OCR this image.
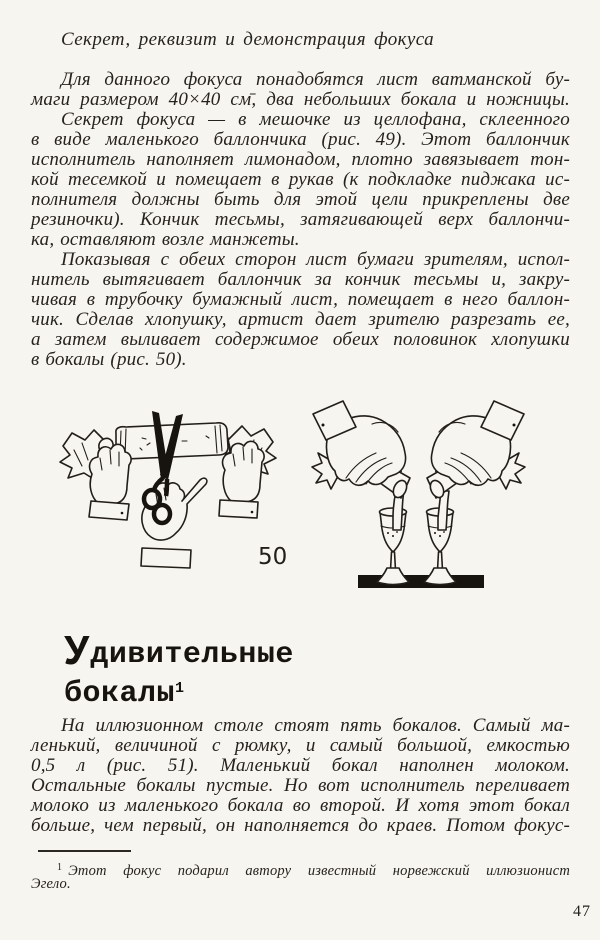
Секрет, реквизит и демонстрация фокуса
Для данного фокуса понадобятся лист ватманской бу-
маги размером 40×40 см̄, два небольших бокала и ножницы.
Секрет фокуса — в мешочке из целлофана, склеенного
в виде маленького баллончика (рис. 49). Этот баллончик
исполнитель наполняет лимонадом, плотно завязывает тон-
кой тесемкой и помещает в рукав (к подкладке пиджака ис-
полнителя должны быть для этой цели прикреплены две
резиночки). Кончик тесьмы, затягивающей верх баллончи-
ка, оставляют возле манжеты.
Показывая с обеих сторон лист бумаги зрителям, испол-
нитель вытягивает баллончик за кончик тесьмы и, закру-
чивая в трубочку бумажный лист, помещает в него баллон-
чик. Сделав хлопушку, артист дает зрителю разрезать ее,
а затем выливает содержимое обеих половинок хлопушки
в бокалы (рис. 50).
50
Удивительные
бокалы$^1$
На иллюзионном столе стоят пять бокалов. Самый ма-
ленький, величиной с рюмку, и самый большой, емкостью
0,5 л (рис. 51). Маленький бокал наполнен молоком.
Остальные бокалы пустые. Но вот исполнитель переливает
молоко из маленького бокала во второй. И хотя этот бокал
больше, чем первый, он наполняется до краев. Потом фокус-
$^1$ Этот фокус подарил автору известный норвежский иллюзионист
Эгело.
47
